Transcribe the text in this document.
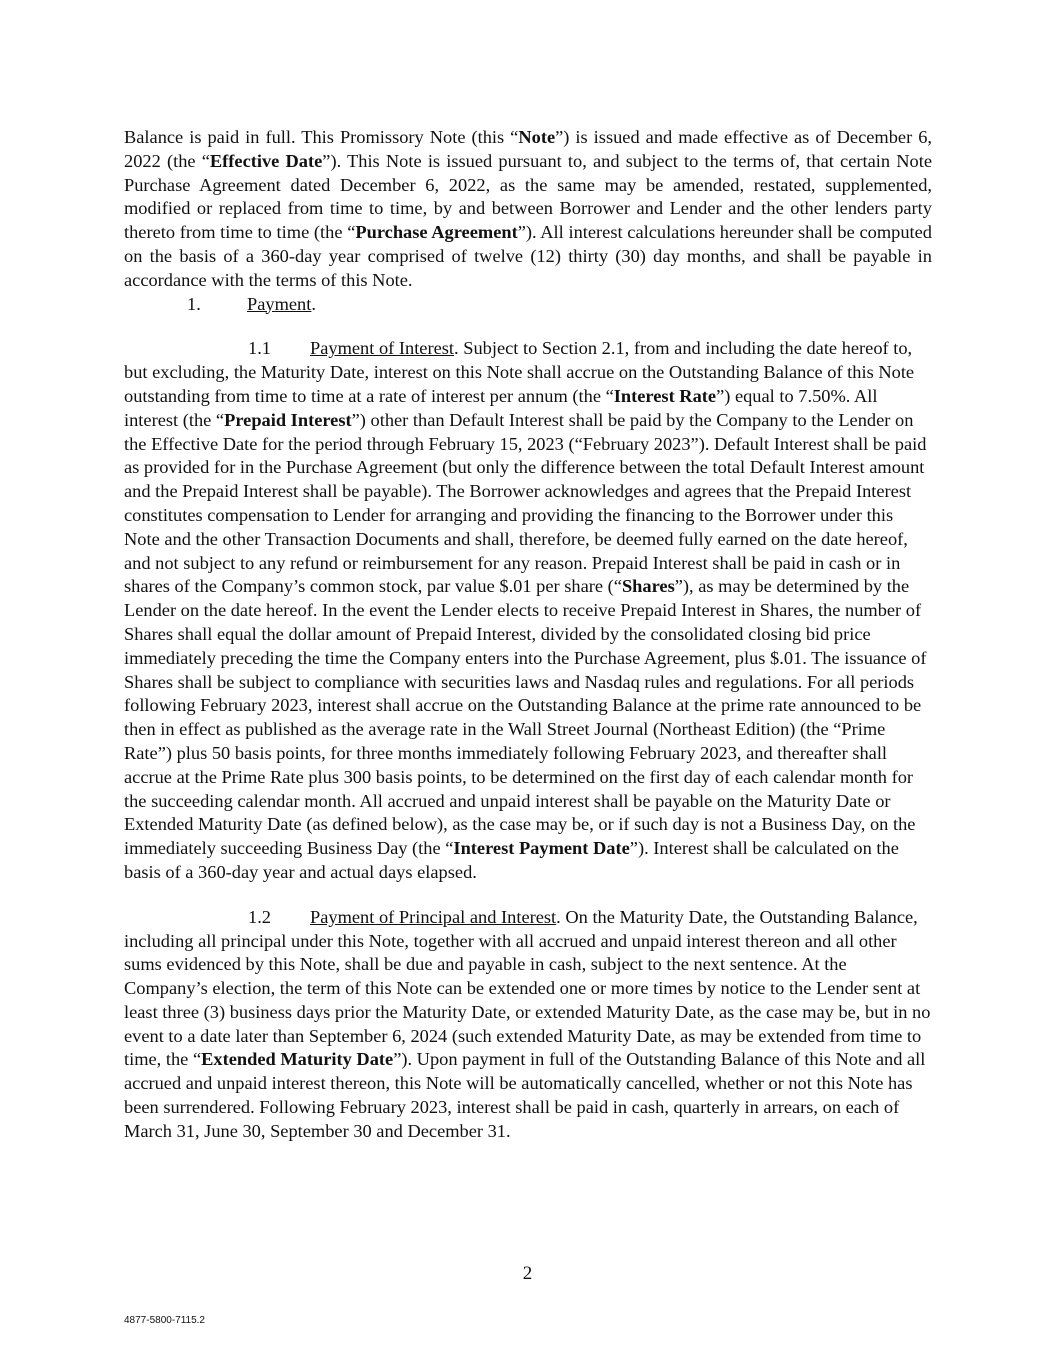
Balance is paid in full. This Promissory Note (this “Note”) is issued and made effective as of December 6, 2022 (the “Effective Date”). This Note is issued pursuant to, and subject to the terms of, that certain Note Purchase Agreement dated December 6, 2022, as the same may be amended, restated, supplemented, modified or replaced from time to time, by and between Borrower and Lender and the other lenders party thereto from time to time (the “Purchase Agreement”). All interest calculations hereunder shall be computed on the basis of a 360-day year comprised of twelve (12) thirty (30) day months, and shall be payable in accordance with the terms of this Note.

1.	Payment.

1.1 Payment of Interest. Subject to Section 2.1, from and including the date hereof to, but excluding, the Maturity Date, interest on this Note shall accrue on the Outstanding Balance of this Note outstanding from time to time at a rate of interest per annum (the “Interest Rate”) equal to 7.50%. All interest (the “Prepaid Interest”) other than Default Interest shall be paid by the Company to the Lender on the Effective Date for the period through February 15, 2023 (“February 2023”). Default Interest shall be paid as provided for in the Purchase Agreement (but only the difference between the total Default Interest amount and the Prepaid Interest shall be payable). The Borrower acknowledges and agrees that the Prepaid Interest constitutes compensation to Lender for arranging and providing the financing to the Borrower under this Note and the other Transaction Documents and shall, therefore, be deemed fully earned on the date hereof, and not subject to any refund or reimbursement for any reason. Prepaid Interest shall be paid in cash or in shares of the Company’s common stock, par value $.01 per share (“Shares”), as may be determined by the Lender on the date hereof. In the event the Lender elects to receive Prepaid Interest in Shares, the number of Shares shall equal the dollar amount of Prepaid Interest, divided by the consolidated closing bid price immediately preceding the time the Company enters into the Purchase Agreement, plus $.01. The issuance of Shares shall be subject to compliance with securities laws and Nasdaq rules and regulations. For all periods following February 2023, interest shall accrue on the Outstanding Balance at the prime rate announced to be then in effect as published as the average rate in the Wall Street Journal (Northeast Edition) (the “Prime Rate”) plus 50 basis points, for three months immediately following February 2023, and thereafter shall accrue at the Prime Rate plus 300 basis points, to be determined on the first day of each calendar month for the succeeding calendar month. All accrued and unpaid interest shall be payable on the Maturity Date or Extended Maturity Date (as defined below), as the case may be, or if such day is not a Business Day, on the immediately succeeding Business Day (the “Interest Payment Date”). Interest shall be calculated on the basis of a 360-day year and actual days elapsed.

1.2 Payment of Principal and Interest. On the Maturity Date, the Outstanding Balance, including all principal under this Note, together with all accrued and unpaid interest thereon and all other sums evidenced by this Note, shall be due and payable in cash, subject to the next sentence. At the Company’s election, the term of this Note can be extended one or more times by notice to the Lender sent at least three (3) business days prior the Maturity Date, or extended Maturity Date, as the case may be, but in no event to a date later than September 6, 2024 (such extended Maturity Date, as may be extended from time to time, the “Extended Maturity Date”). Upon payment in full of the Outstanding Balance of this Note and all accrued and unpaid interest thereon, this Note will be automatically cancelled, whether or not this Note has been surrendered. Following February 2023, interest shall be paid in cash, quarterly in arrears, on each of March 31, June 30, September 30 and December 31.

2
4877-5800-7115.2
